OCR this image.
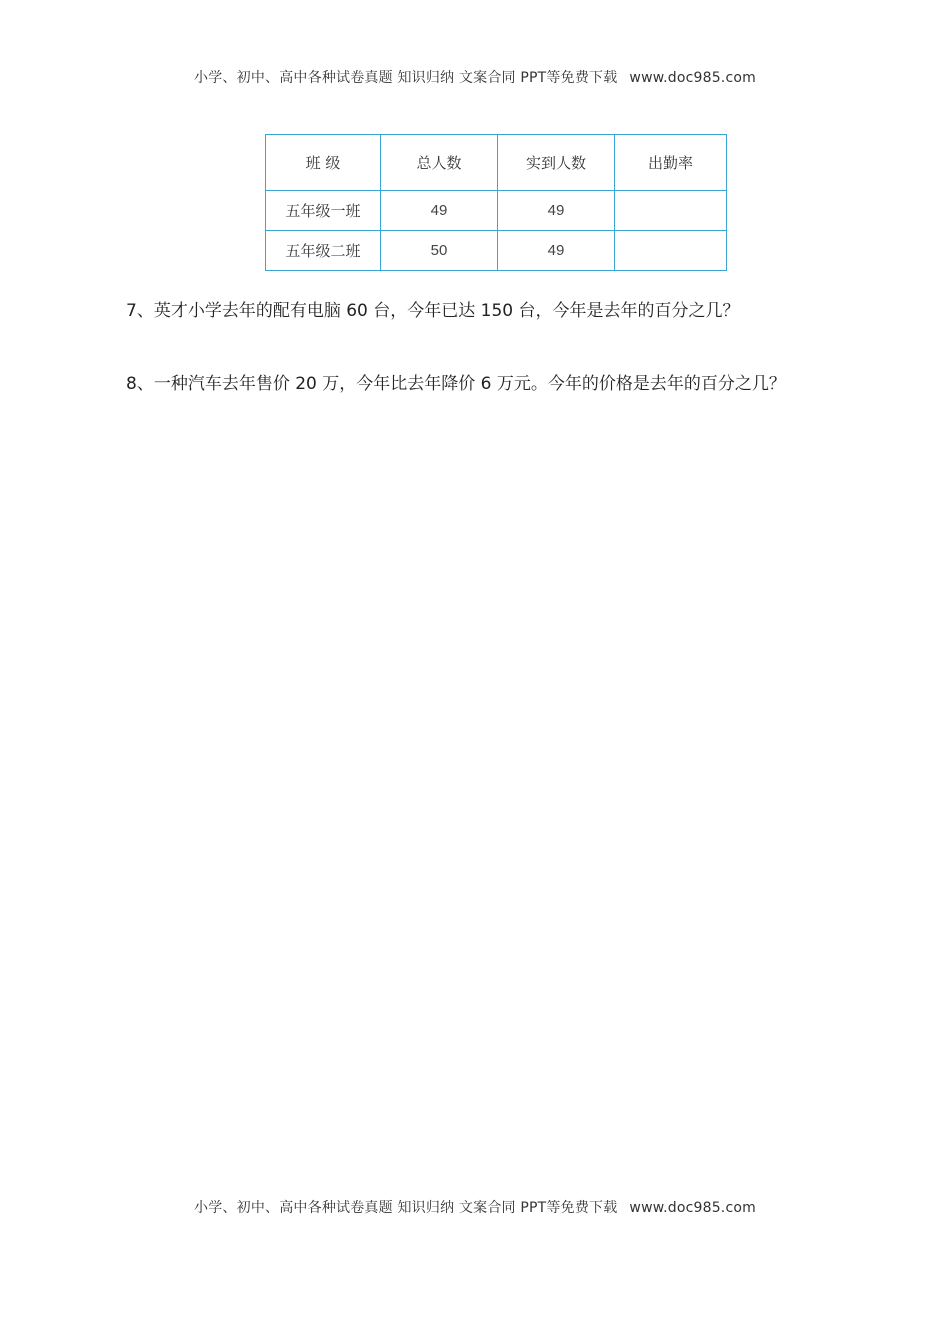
小学、初中、高中各种试卷真题 知识归纳 文案合同 PPT等免费下载 www.doc985.com
班 级	总人数	实到人数	出勤率
五年级一班	49	49	
五年级二班	50	49	
7、英才小学去年的配有电脑 60 台，今年已达 150 台，今年是去年的百分之几？
8、一种汽车去年售价 20 万，今年比去年降价 6 万元。今年的价格是去年的百分之几？
小学、初中、高中各种试卷真题 知识归纳 文案合同 PPT等免费下载 www.doc985.com
